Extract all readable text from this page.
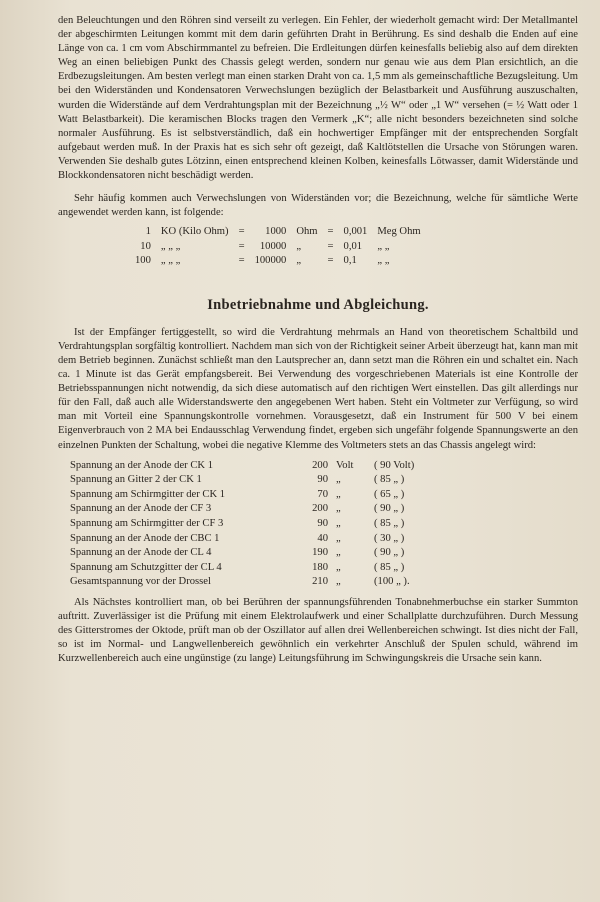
den Beleuchtungen und den Röhren sind verseilt zu verlegen. Ein Fehler, der wiederholt gemacht wird: Der Metallmantel der abgeschirmten Leitungen kommt mit dem darin geführten Draht in Berührung. Es sind deshalb die Enden auf eine Länge von ca. 1 cm vom Abschirmmantel zu befreien. Die Erdleitungen dürfen keinesfalls beliebig also auf dem direkten Weg an einen beliebigen Punkt des Chassis gelegt werden, sondern nur genau wie aus dem Plan ersichtlich, an die Erdbezugsleitungen. Am besten verlegt man einen starken Draht von ca. 1,5 mm als gemeinschaftliche Bezugsleitung. Um bei den Widerständen und Kondensatoren Verwechslungen bezüglich der Belastbarkeit und Ausführung auszuschalten, wurden die Widerstände auf dem Verdrahtungsplan mit der Bezeichnung „½ W“ oder „1 W“ versehen (= ½ Watt oder 1 Watt Belastbarkeit). Die keramischen Blocks tragen den Vermerk „K“; alle nicht besonders bezeichneten sind solche normaler Ausführung. Es ist selbstverständlich, daß ein hochwertiger Empfänger mit der entsprechenden Sorgfalt aufgebaut werden muß. In der Praxis hat es sich sehr oft gezeigt, daß Kaltlötstellen die Ursache von Störungen waren. Verwenden Sie deshalb gutes Lötzinn, einen entsprechend kleinen Kolben, keinesfalls Lötwasser, damit Widerstände und Blockkondensatoren nicht beschädigt werden.

Sehr häufig kommen auch Verwechslungen von Widerständen vor; die Bezeichnung, welche für sämtliche Werte angewendet werden kann, ist folgende:

1	KO (Kilo Ohm)	=	1000	Ohm	=	0,001	Meg Ohm
10	„ „ „	=	10000	„	=	0,01	„ „
100	„ „ „	=	100000	„	=	0,1	„ „
Inbetriebnahme und Abgleichung.

Ist der Empfänger fertiggestellt, so wird die Verdrahtung mehrmals an Hand von theoretischem Schaltbild und Verdrahtungsplan sorgfältig kontrolliert. Nachdem man sich von der Richtigkeit seiner Arbeit überzeugt hat, kann man mit dem Betrieb beginnen. Zunächst schließt man den Lautsprecher an, dann setzt man die Röhren ein und schaltet ein. Nach ca. 1 Minute ist das Gerät empfangsbereit. Bei Verwendung des vorgeschriebenen Materials ist eine Kontrolle der Betriebsspannungen nicht notwendig, da sich diese automatisch auf den richtigen Wert einstellen. Das gilt allerdings nur für den Fall, daß auch alle Widerstandswerte den angegebenen Wert haben. Steht ein Voltmeter zur Verfügung, so wird man mit Vorteil eine Spannungskontrolle vornehmen. Vorausgesetzt, daß ein Instrument für 500 V bei einem Eigenverbrauch von 2 MA bei Endausschlag Verwendung findet, ergeben sich ungefähr folgende Spannungswerte an den einzelnen Punkten der Schaltung, wobei die negative Klemme des Voltmeters stets an das Chassis angelegt wird:

Spannung an der Anode der CK 1	200	Volt	( 90 Volt)
Spannung an Gitter 2 der CK 1	90	„	( 85 „ )
Spannung am Schirmgitter der CK 1	70	„	( 65 „ )
Spannung an der Anode der CF 3	200	„	( 90 „ )
Spannung am Schirmgitter der CF 3	90	„	( 85 „ )
Spannung an der Anode der CBC 1	40	„	( 30 „ )
Spannung an der Anode der CL 4	190	„	( 90 „ )
Spannung am Schutzgitter der CL 4	180	„	( 85 „ )
Gesamtspannung vor der Drossel	210	„	(100 „ ).

Als Nächstes kontrolliert man, ob bei Berühren der spannungsführenden Tonabnehmerbuchse ein starker Summton auftritt. Zuverlässiger ist die Prüfung mit einem Elektrolaufwerk und einer Schallplatte durchzuführen. Durch Messung des Gitterstromes der Oktode, prüft man ob der Oszillator auf allen drei Wellenbereichen schwingt. Ist dies nicht der Fall, so ist im Normal- und Langwellenbereich gewöhnlich ein verkehrter Anschluß der Spulen schuld, während im Kurzwellenbereich auch eine ungünstige (zu lange) Leitungsführung im Schwingungskreis die Ursache sein kann.
